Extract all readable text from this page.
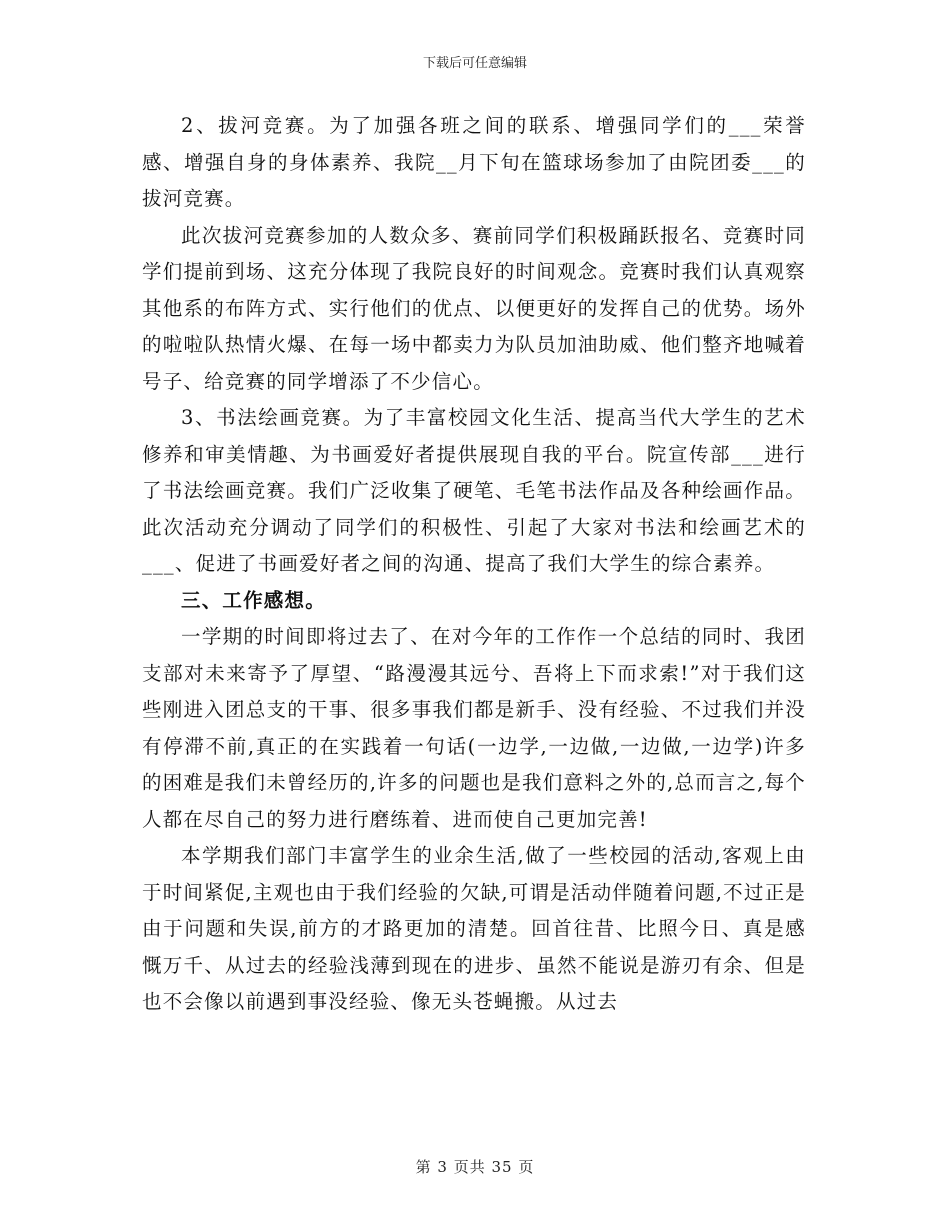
下载后可任意编辑

2、拔河竞赛。为了加强各班之间的联系、增强同学们的___荣誉感、增强自身的身体素养、我院__月下旬在篮球场参加了由院团委___的拔河竞赛。

此次拔河竞赛参加的人数众多、赛前同学们积极踊跃报名、竞赛时同学们提前到场、这充分体现了我院良好的时间观念。竞赛时我们认真观察其他系的布阵方式、实行他们的优点、以便更好的发挥自己的优势。场外的啦啦队热情火爆、在每一场中都卖力为队员加油助威、他们整齐地喊着号子、给竞赛的同学增添了不少信心。

3、书法绘画竞赛。为了丰富校园文化生活、提高当代大学生的艺术修养和审美情趣、为书画爱好者提供展现自我的平台。院宣传部___进行了书法绘画竞赛。我们广泛收集了硬笔、毛笔书法作品及各种绘画作品。此次活动充分调动了同学们的积极性、引起了大家对书法和绘画艺术的___、促进了书画爱好者之间的沟通、提高了我们大学生的综合素养。

三、工作感想。

一学期的时间即将过去了、在对今年的工作作一个总结的同时、我团支部对未来寄予了厚望、“路漫漫其远兮、吾将上下而求索!”对于我们这些刚进入团总支的干事、很多事我们都是新手、没有经验、不过我们并没有停滞不前,真正的在实践着一句话(一边学,一边做,一边做,一边学)许多的困难是我们未曾经历的,许多的问题也是我们意料之外的,总而言之,每个人都在尽自己的努力进行磨练着、进而使自己更加完善!

本学期我们部门丰富学生的业余生活,做了一些校园的活动,客观上由于时间紧促,主观也由于我们经验的欠缺,可谓是活动伴随着问题,不过正是由于问题和失误,前方的才路更加的清楚。回首往昔、比照今日、真是感慨万千、从过去的经验浅薄到现在的进步、虽然不能说是游刃有余、但是也不会像以前遇到事没经验、像无头苍蝇搬。从过去

第 3 页共 35 页
